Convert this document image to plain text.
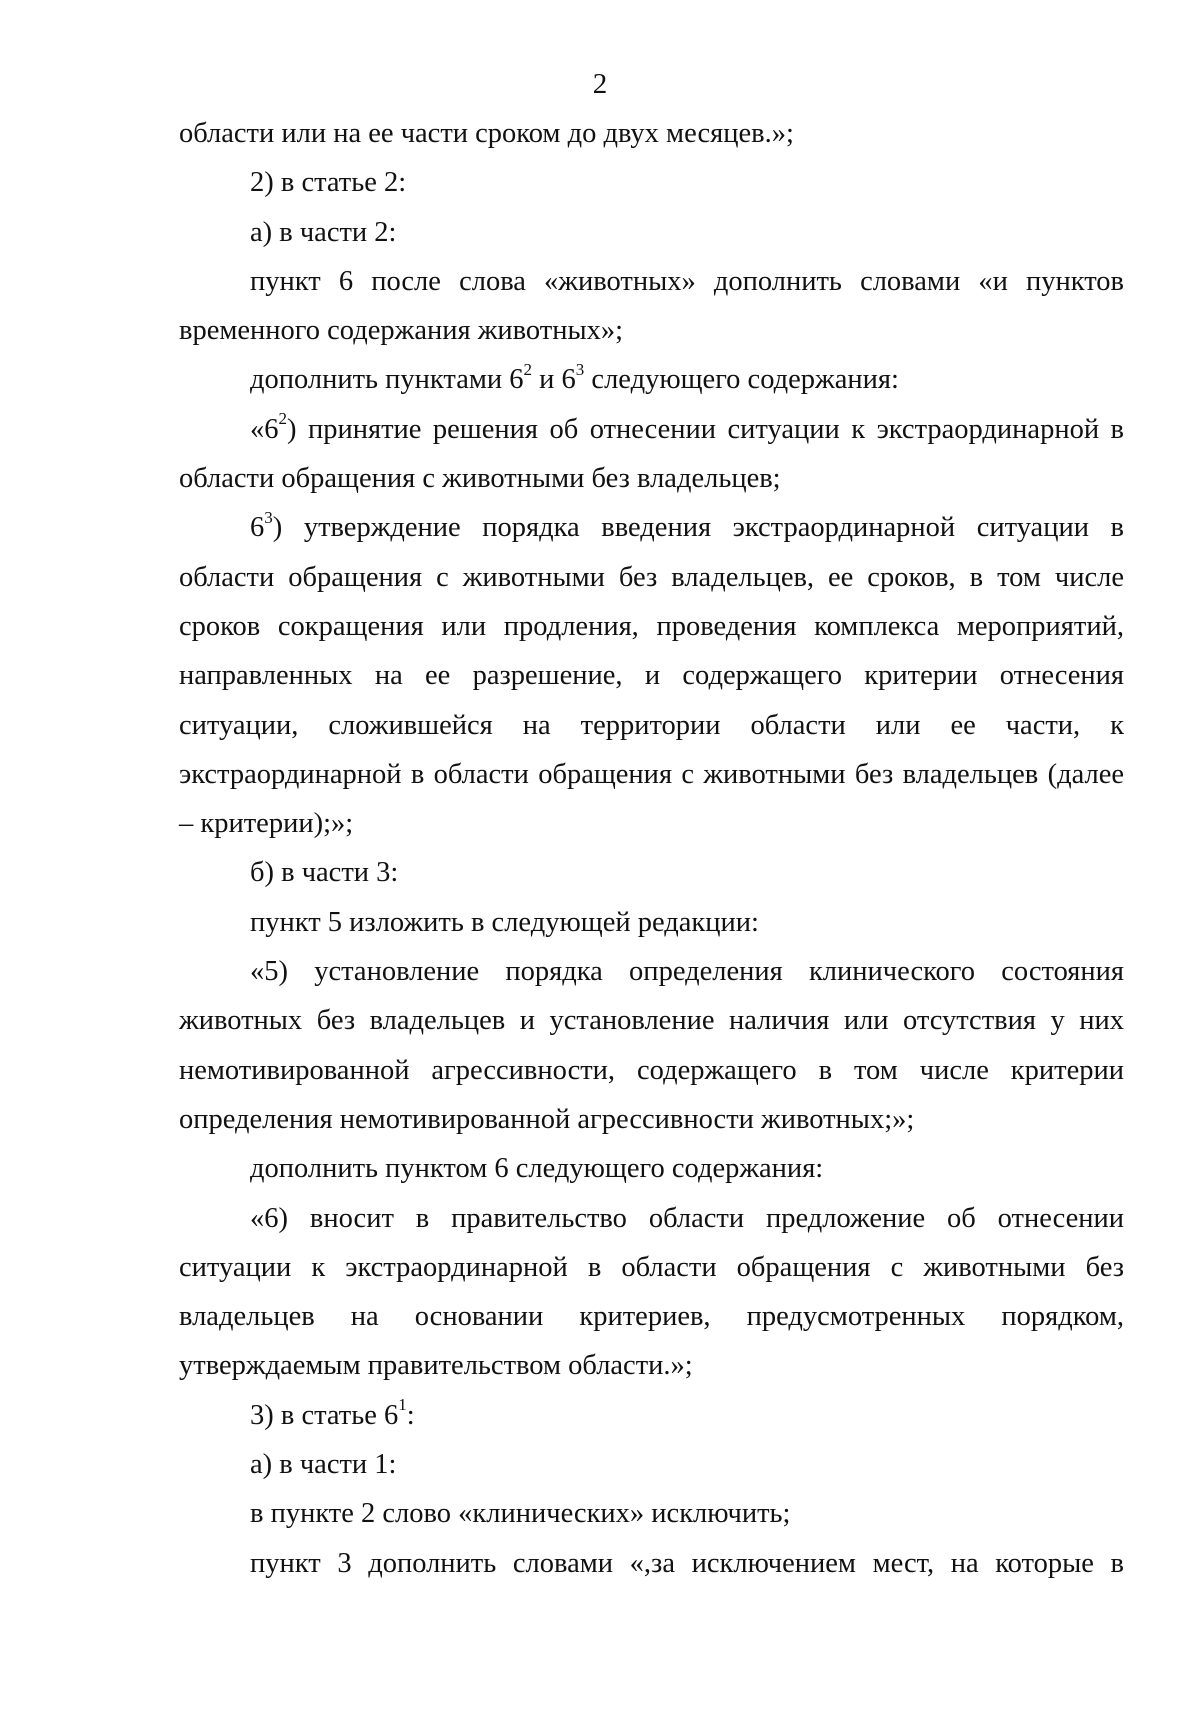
2

области или на ее части сроком до двух месяцев.»;

2) в статье 2:

а) в части 2:

пункт 6 после слова «животных» дополнить словами «и пунктов временного содержания животных»;

дополнить пунктами $6^2$ и $6^3$ следующего содержания:

«$6^2$) принятие решения об отнесении ситуации к экстраординарной в области обращения с животными без владельцев;

$6^3$) утверждение порядка введения экстраординарной ситуации в области обращения с животными без владельцев, ее сроков, в том числе сроков сокращения или продления, проведения комплекса мероприятий, направленных на ее разрешение, и содержащего критерии отнесения ситуации, сложившейся на территории области или ее части, к экстраординарной в области обращения с животными без владельцев (далее – критерии);»;

б) в части 3:

пункт 5 изложить в следующей редакции:

«5) установление порядка определения клинического состояния животных без владельцев и установление наличия или отсутствия у них немотивированной агрессивности, содержащего в том числе критерии определения немотивированной агрессивности животных;»;

дополнить пунктом 6 следующего содержания:

«6) вносит в правительство области предложение об отнесении ситуации к экстраординарной в области обращения с животными без владельцев на основании критериев, предусмотренных порядком, утверждаемым правительством области.»;

3) в статье $6^1$:

а) в части 1:

в пункте 2 слово «клинических» исключить;

пункт 3 дополнить словами «,за исключением мест, на которые в
